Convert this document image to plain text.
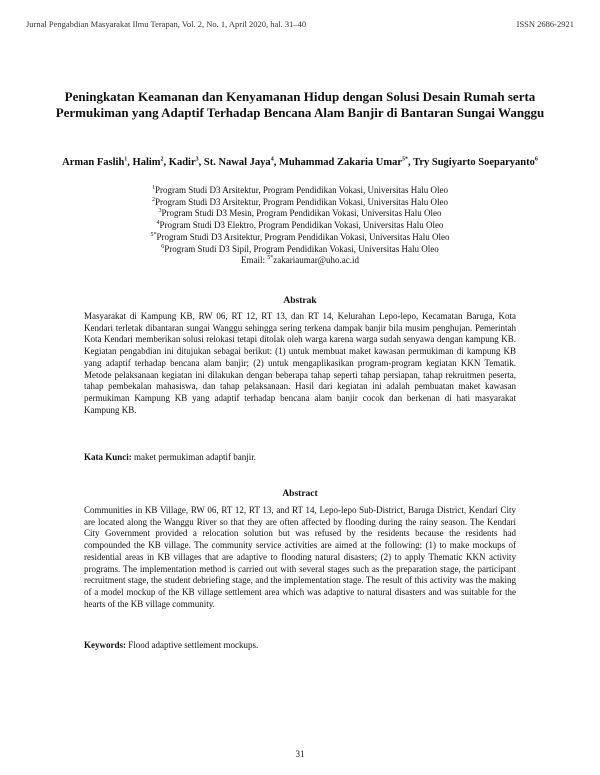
Jurnal Pengabdian Masyarakat Ilmu Terapan, Vol. 2, No. 1, April 2020, hal. 31–40	ISSN 2686-2921
Peningkatan Keamanan dan Kenyamanan Hidup dengan Solusi Desain Rumah serta Permukiman yang Adaptif Terhadap Bencana Alam Banjir di Bantaran Sungai Wanggu
Arman Faslih$^1$, Halim$^2$, Kadir$^3$, St. Nawal Jaya$^4$, Muhammad Zakaria Umar$^{5*}$, Try Sugiyarto Soeparyanto$^6$
$^1$Program Studi D3 Arsitektur, Program Pendidikan Vokasi, Universitas Halu Oleo
$^2$Program Studi D3 Arsitektur, Program Pendidikan Vokasi, Universitas Halu Oleo
$^3$Program Studi D3 Mesin, Program Pendidikan Vokasi, Universitas Halu Oleo
$^4$Program Studi D3 Elektro, Program Pendidikan Vokasi, Universitas Halu Oleo
$^{5*}$Program Studi D3 Arsitektur, Program Pendidikan Vokasi, Universitas Halu Oleo
$^6$Program Studi D3 Sipil, Program Pendidikan Vokasi, Universitas Halu Oleo
Email: $^{5*}$zakariaumar@uho.ac.id
Abstrak
Masyarakat di Kampung KB, RW 06, RT 12, RT 13, dan RT 14, Kelurahan Lepo-lepo, Kecamatan Baruga, Kota Kendari terletak dibantaran sungai Wanggu sehingga sering terkena dampak banjir bila musim penghujan. Pemerintah Kota Kendari memberikan solusi relokasi tetapi ditolak oleh warga karena warga sudah senyawa dengan kampung KB. Kegiatan pengabdian ini ditujukan sebagai berikut: (1) untuk membuat maket kawasan permukiman di kampung KB yang adaptif terhadap bencana alam banjir; (2) untuk mengaplikasikan program-program kegiatan KKN Tematik. Metode pelaksanaan kegiatan ini dilakukan dengan beberapa tahap seperti tahap persiapan, tahap rekruitmen peserta, tahap pembekalan mahasiswa, dan tahap pelaksanaan. Hasil dari kegiatan ini adalah pembuatan maket kawasan permukiman Kampung KB yang adaptif terhadap bencana alam banjir cocok dan berkenan di hati masyarakat Kampung KB.
Kata Kunci: maket permukiman adaptif banjir.
Abstract
Communities in KB Village, RW 06, RT 12, RT 13, and RT 14, Lepo-lepo Sub-District, Baruga District, Kendari City are located along the Wanggu River so that they are often affected by flooding during the rainy season. The Kendari City Government provided a relocation solution but was refused by the residents because the residents had compounded the KB village. The community service activities are aimed at the following: (1) to make mockups of residential areas in KB villages that are adaptive to flooding natural disasters; (2) to apply Thematic KKN activity programs. The implementation method is carried out with several stages such as the preparation stage, the participant recruitment stage, the student debriefing stage, and the implementation stage. The result of this activity was the making of a model mockup of the KB village settlement area which was adaptive to natural disasters and was suitable for the hearts of the KB village community.
Keywords: Flood adaptive settlement mockups.
31
